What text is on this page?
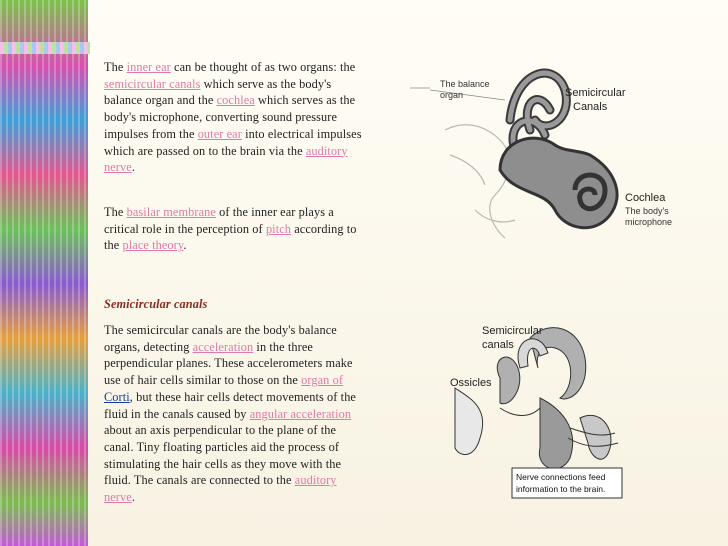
The inner ear can be thought of as two organs: the semicircular canals which serve as the body's balance organ and the cochlea which serves as the body's microphone, converting sound pressure impulses from the outer ear into electrical impulses which are passed on to the brain via the auditory nerve.
The basilar membrane of the inner ear plays a critical role in the perception of pitch according to the place theory.
Semicircular canals
The semicircular canals are the body's balance organs, detecting acceleration in the three perpendicular planes. These accelerometers make use of hair cells similar to those on the organ of Corti, but these hair cells detect movements of the fluid in the canals caused by angular acceleration about an axis perpendicular to the plane of the canal. Tiny floating particles aid the process of stimulating the hair cells as they move with the fluid. The canals are connected to the auditory nerve.
The balance
organ	Semicircular
Canals
Cochlea
The body's
microphone
Semicircular
canals
Ossicles
Nerve connections feed
information to the brain.
